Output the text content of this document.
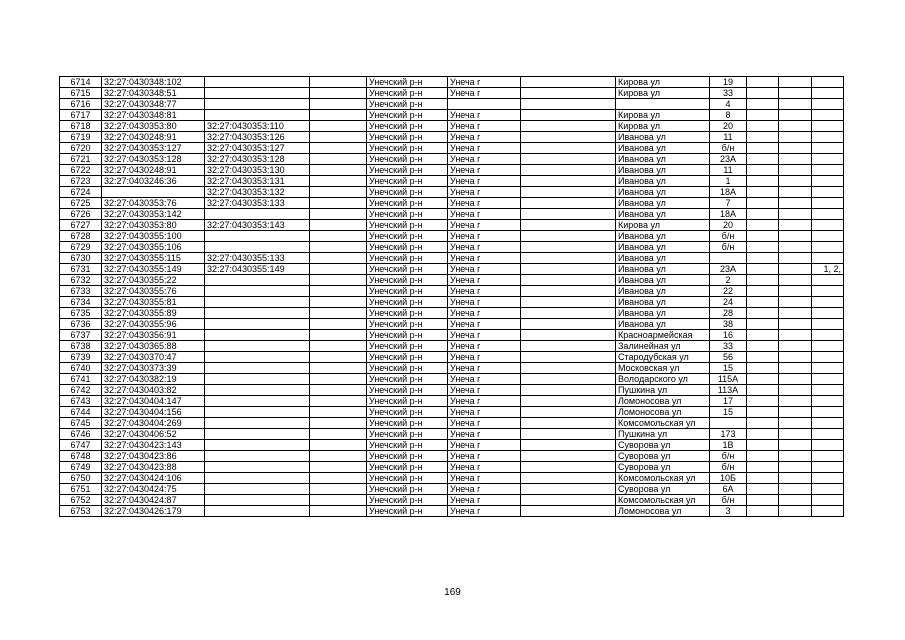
6714	32:27:0430348:102			Унечский р-н	Унеча г		Кирова ул	19			
6715	32:27:0430348:51			Унечский р-н	Унеча г		Кирова ул	33			
6716	32:27:0430348:77			Унечский р-н				4			
6717	32:27:0430348:81			Унечский р-н	Унеча г		Кирова ул	8			
6718	32:27:0430353:80	32:27:0430353:110		Унечский р-н	Унеча г		Кирова ул	20			
6719	32:27:0430248:91	32:27:0430353:126		Унечский р-н	Унеча г		Иванова ул	11			
6720	32:27:0430353:127	32:27:0430353:127		Унечский р-н	Унеча г		Иванова ул	б/н			
6721	32:27:0430353:128	32:27:0430353:128		Унечский р-н	Унеча г		Иванова ул	23А			
6722	32:27:0430248:91	32:27:0430353:130		Унечский р-н	Унеча г		Иванова ул	11			
6723	32:27:0403246:36	32:27:0430353:131		Унечский р-н	Унеча г		Иванова ул	1			
6724		32:27:0430353:132		Унечский р-н	Унеча г		Иванова ул	18А			
6725	32:27:0430353:76	32:27:0430353:133		Унечский р-н	Унеча г		Иванова ул	7			
6726	32:27:0430353:142			Унечский р-н	Унеча г		Иванова ул	18А			
6727	32:27:0430353:80	32:27:0430353:143		Унечский р-н	Унеча г		Кирова ул	20			
6728	32:27:0430355:100			Унечский р-н	Унеча г		Иванова ул	б/н			
6729	32:27:0430355:106			Унечский р-н	Унеча г		Иванова ул	б/н			
6730	32:27:0430355:115	32:27:0430355:133		Унечский р-н	Унеча г		Иванова ул				
6731	32:27:0430355:149	32:27:0430355:149		Унечский р-н	Унеча г		Иванова ул	23А			1, 2,
6732	32:27:0430355:22			Унечский р-н	Унеча г		Иванова ул	2			
6733	32:27:0430355:76			Унечский р-н	Унеча г		Иванова ул	22			
6734	32:27:0430355:81			Унечский р-н	Унеча г		Иванова ул	24			
6735	32:27:0430355:89			Унечский р-н	Унеча г		Иванова ул	28			
6736	32:27:0430355:96			Унечский р-н	Унеча г		Иванова ул	38			
6737	32:27:0430356:91			Унечский р-н	Унеча г		Красноармейская	16			
6738	32:27:0430365:88			Унечский р-н	Унеча г		Залинейная ул	33			
6739	32:27:0430370:47			Унечский р-н	Унеча г		Стародубская ул	56			
6740	32:27:0430373:39			Унечский р-н	Унеча г		Московская ул	15			
6741	32:27:0430382:19			Унечский р-н	Унеча г		Володарского ул	115А			
6742	32:27:0430403:82			Унечский р-н	Унеча г		Пушкина ул	113А			
6743	32:27:0430404:147			Унечский р-н	Унеча г		Ломоносова ул	17			
6744	32:27:0430404:156			Унечский р-н	Унеча г		Ломоносова ул	15			
6745	32:27:0430404:269			Унечский р-н	Унеча г		Комсомольская ул				
6746	32:27:0430406:52			Унечский р-н	Унеча г		Пушкина ул	173			
6747	32:27:0430423:143			Унечский р-н	Унеча г		Суворова ул	1В			
6748	32:27:0430423:86			Унечский р-н	Унеча г		Суворова ул	б/н			
6749	32:27:0430423:88			Унечский р-н	Унеча г		Суворова ул	б/н			
6750	32:27:0430424:106			Унечский р-н	Унеча г		Комсомольская ул	10Б			
6751	32:27:0430424:75			Унечский р-н	Унеча г		Суворова ул	6А			
6752	32:27:0430424:87			Унечский р-н	Унеча г		Комсомольская ул	б/н			
6753	32:27:0430426:179			Унечский р-н	Унеча г		Ломоносова ул	3			
169
